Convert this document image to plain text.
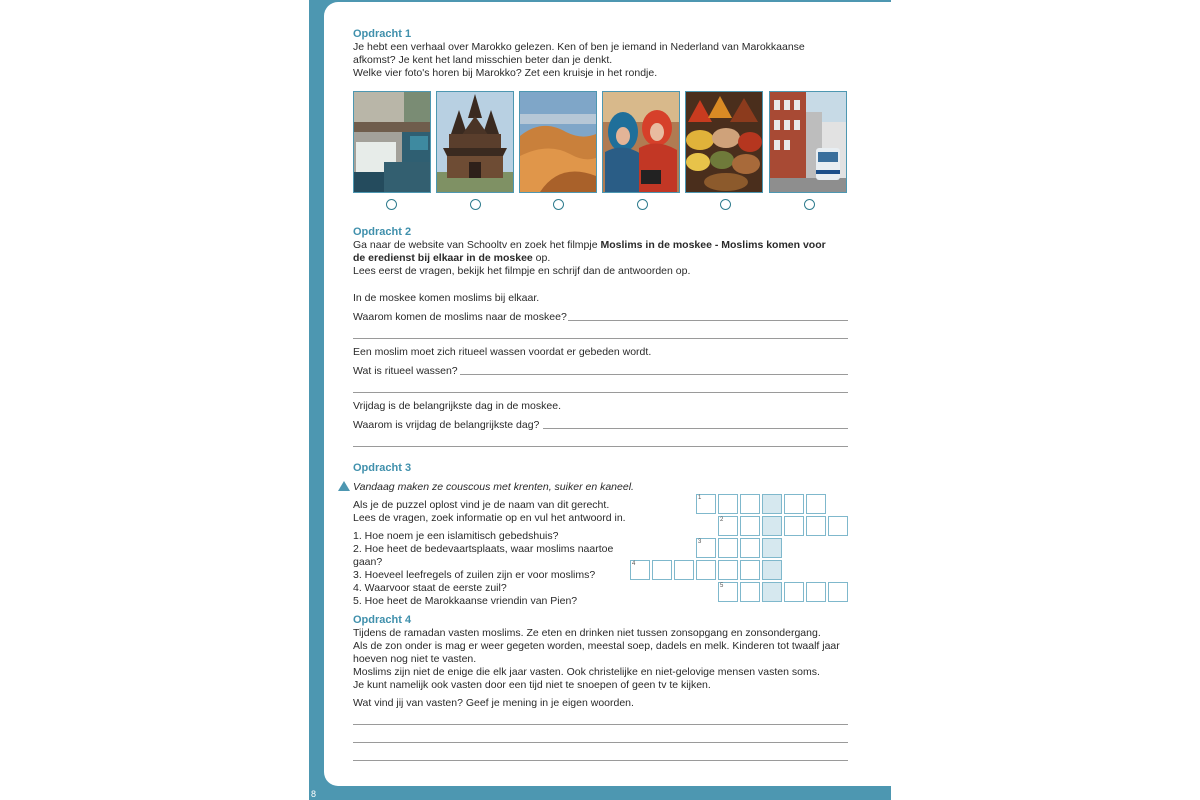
8
Opdracht 1
Je hebt een verhaal over Marokko gelezen. Ken of ben je iemand in Nederland van Marokkaanse
afkomst? Je kent het land misschien beter dan je denkt.
Welke vier foto's horen bij Marokko? Zet een kruisje in het rondje.
Opdracht 2
Ga naar de website van Schooltv en zoek het filmpje Moslims in de moskee - Moslims komen voor
de eredienst bij elkaar in de moskee op.
Lees eerst de vragen, bekijk het filmpje en schrijf dan de antwoorden op.
In de moskee komen moslims bij elkaar.
Waarom komen de moslims naar de moskee?
Een moslim moet zich ritueel wassen voordat er gebeden wordt.
Wat is ritueel wassen?
Vrijdag is de belangrijkste dag in de moskee.
Waarom is vrijdag de belangrijkste dag?
Opdracht 3
Vandaag maken ze couscous met krenten, suiker en kaneel.
Als je de puzzel oplost vind je de naam van dit gerecht.
Lees de vragen, zoek informatie op en vul het antwoord in.
1. Hoe noem je een islamitisch gebedshuis?
2. Hoe heet de bedevaartsplaats, waar moslims naartoe gaan?
3. Hoeveel leefregels of zuilen zijn er voor moslims?
4. Waarvoor staat de eerste zuil?
5. Hoe heet de Marokkaanse vriendin van Pien?
1
2
3
4
5
Opdracht 4
Tijdens de ramadan vasten moslims. Ze eten en drinken niet tussen zonsopgang en zonsondergang.
Als de zon onder is mag er weer gegeten worden, meestal soep, dadels en melk. Kinderen tot twaalf jaar
hoeven nog niet te vasten.
Moslims zijn niet de enige die elk jaar vasten. Ook christelijke en niet-gelovige mensen vasten soms.
Je kunt namelijk ook vasten door een tijd niet te snoepen of geen tv te kijken.
Wat vind jij van vasten? Geef je mening in je eigen woorden.
